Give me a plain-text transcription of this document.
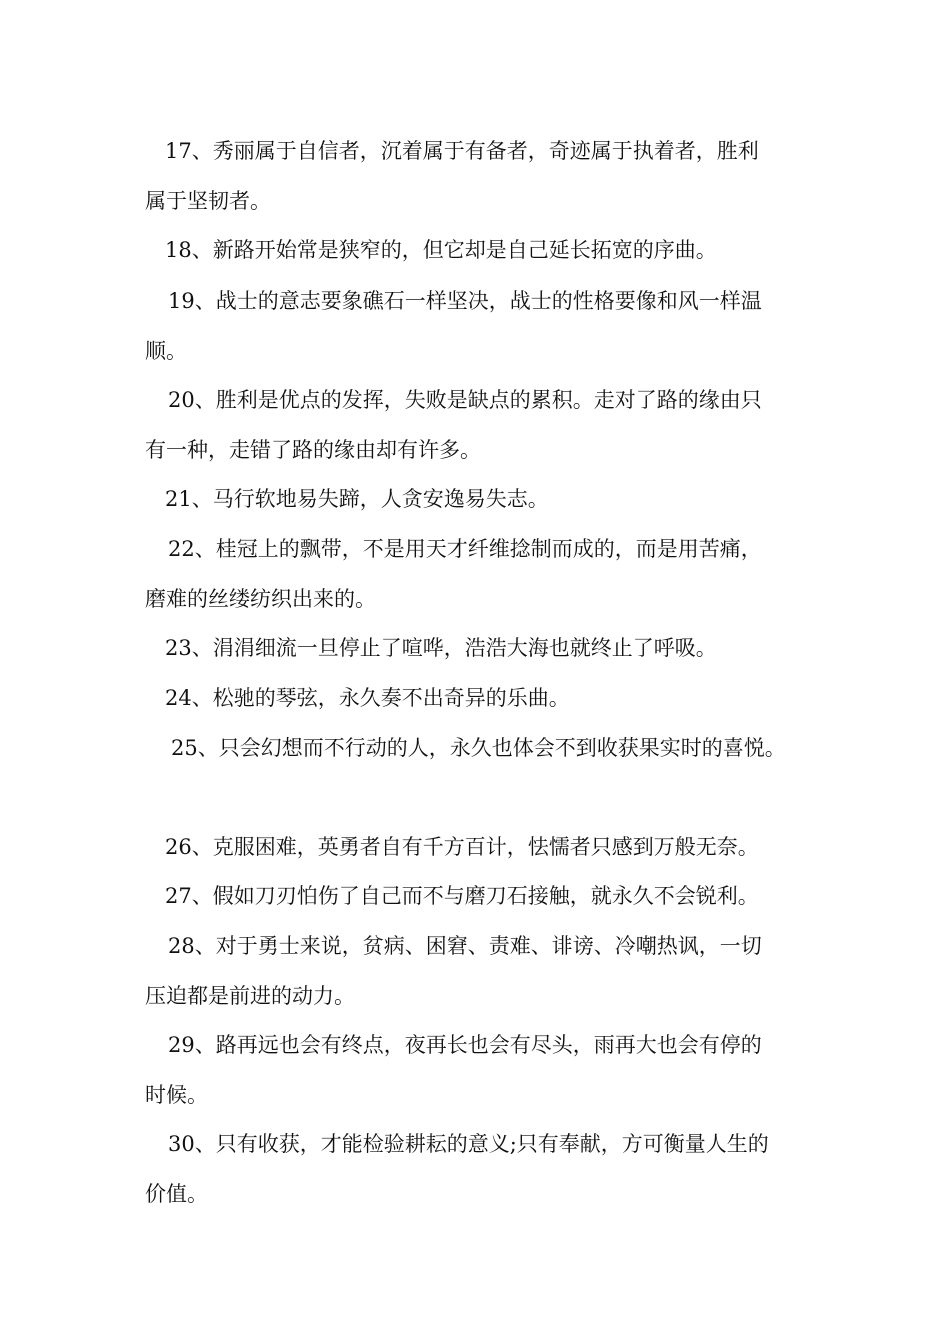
17、秀丽属于自信者，沉着属于有备者，奇迹属于执着者，胜利
属于坚韧者。
18、新路开始常是狭窄的，但它却是自己延长拓宽的序曲。
19、战士的意志要象礁石一样坚决，战士的性格要像和风一样温
顺。
20、胜利是优点的发挥，失败是缺点的累积。走对了路的缘由只
有一种，走错了路的缘由却有许多。
21、马行软地易失蹄，人贪安逸易失志。
22、桂冠上的飘带，不是用天才纤维捻制而成的，而是用苦痛，
磨难的丝缕纺织出来的。
23、涓涓细流一旦停止了喧哗，浩浩大海也就终止了呼吸。
24、松驰的琴弦，永久奏不出奇异的乐曲。
25、只会幻想而不行动的人，永久也体会不到收获果实时的喜悦。
26、克服困难，英勇者自有千方百计，怯懦者只感到万般无奈。
27、假如刀刃怕伤了自己而不与磨刀石接触，就永久不会锐利。
28、对于勇士来说，贫病、困窘、责难、诽谤、冷嘲热讽，一切
压迫都是前进的动力。
29、路再远也会有终点，夜再长也会有尽头，雨再大也会有停的
时候。
30、只有收获，才能检验耕耘的意义;只有奉献，方可衡量人生的
价值。
